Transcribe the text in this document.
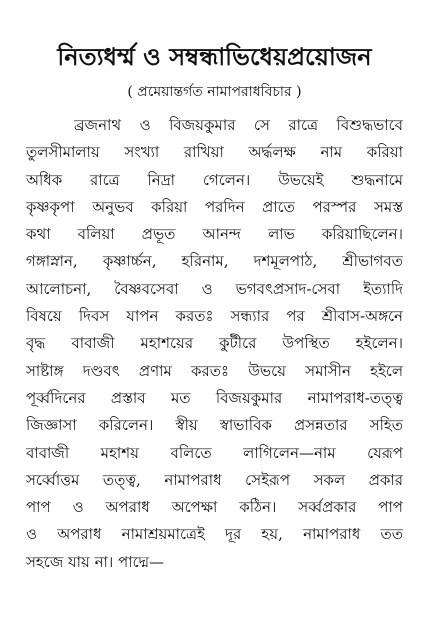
নিত্যধর্ম্ম ও সম্বন্ধাভিধেয়প্রয়োজন
( প্রমেয়ান্তর্গত নামাপরাধবিচার )
ব্রজনাথ ও বিজয়কুমার সে রাত্রে বিশুদ্ধভাবে
তুলসীমালায় সংখ্যা রাখিয়া অর্দ্ধলক্ষ নাম করিয়া
অধিক রাত্রে নিদ্রা গেলেন। উভয়েই শুদ্ধনামে
কৃষ্ণকৃপা অনুভব করিয়া পরদিন প্রাতে পরস্পর সমস্ত
কথা বলিয়া প্রভূত আনন্দ লাভ করিয়াছিলেন।
গঙ্গাস্নান, কৃষ্ণার্চ্চন, হরিনাম, দশমূলপাঠ, শ্রীভাগবত
আলোচনা, বৈষ্ণবসেবা ও ভগবৎপ্রসাদ-সেবা ইত্যাদি
বিষয়ে দিবস যাপন করতঃ সন্ধ্যার পর শ্রীবাস-অঙ্গনে
বৃদ্ধ বাবাজী মহাশয়ের কুটীরে উপস্থিত হইলেন।
সাষ্টাঙ্গ দণ্ডবৎ প্রণাম করতঃ উভয়ে সমাসীন হইলে
পূর্ব্বদিনের প্রস্তাব মত বিজয়কুমার নামাপরাধ-তত্ত্ব
জিজ্ঞাসা করিলেন। স্বীয় স্বাভাবিক প্রসন্নতার সহিত
বাবাজী মহাশয় বলিতে লাগিলেন—নাম যেরূপ
সর্ব্বোত্তম তত্ত্ব, নামাপরাধ সেইরূপ সকল প্রকার
পাপ ও অপরাধ অপেক্ষা কঠিন। সর্ব্বপ্রকার পাপ
ও অপরাধ নামাশ্রয়মাত্রেই দূর হয়, নামাপরাধ তত
সহজে যায় না। পাদ্মে—
